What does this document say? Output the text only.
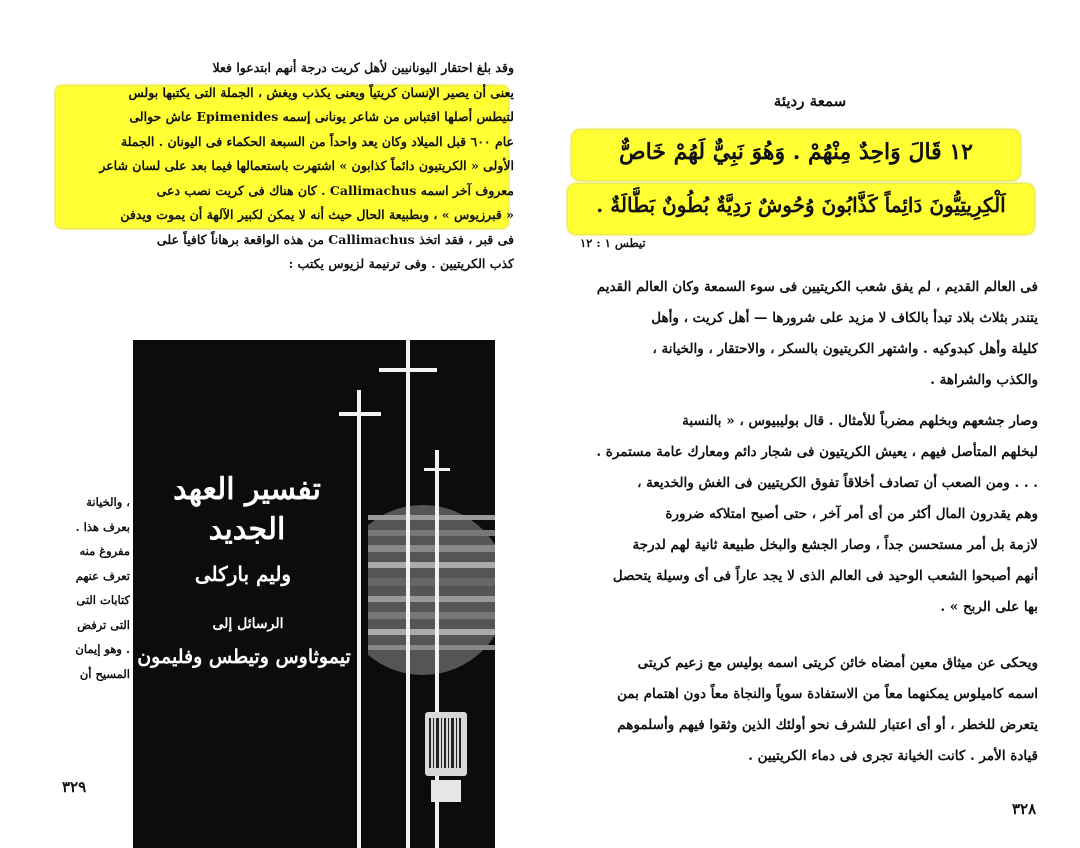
وقد بلغ احتقار اليونانيين لأهل كريت درجة أنهم ابتدعوا فعلا
يعنى أن يصير الإنسان كريتياً ويعنى يكذب ويغش ، الجملة التى يكتبها بولس
لتيطس أصلها اقتباس من شاعر يونانى إسمه Epimenides عاش حوالى
عام ٦٠٠ قبل الميلاد وكان يعد واحداً من السبعة الحكماء فى اليونان . الجملة
الأولى « الكريتيون دائماً كذابون » اشتهرت باستعمالها فيما بعد على لسان شاعر
معروف آخر اسمه Callimachus . كان هناك فى كريت نصب دعى
« قبرزيوس » ، وبطبيعة الحال حيث أنه لا يمكن لكبير الآلهة أن يموت ويدفن
فى قبر ، فقد اتخذ Callimachus من هذه الواقعة برهاناً كافياً على
كذب الكريتيين . وفى ترنيمة لزيوس يكتب :
، والخيانة
بعرف هذا .
مفروغ منه
تعرف عنهم
كتابات التى
التى ترفض
. وهو إيمان
المسيح أن
٣٢٩
تفسير العهد الجديد
وليم باركلى
الرسائل إلى
تيموثاوس وتيطس وفليمون
سمعة رديئة
١٢ قَالَ وَاحِدٌ مِنْهُمْ . وَهُوَ نَبِيٌّ لَهُمْ خَاصٌّ
اَلْكِرِيتِيُّونَ دَائِماً كَذَّابُونَ وُحُوشٌ رَدِيَّةٌ بُطُونٌ بَطَّالَةٌ .
تيطس ١ : ١٢
فى العالم القديم ، لم يفق شعب الكريتيين فى سوء السمعة وكان العالم القديم
يتندر بثلاث بلاد تبدأ بالكاف لا مزيد على شرورها — أهل كريت ، وأهل
كليلة وأهل كبدوكيه . واشتهر الكريتيون بالسكر ، والاحتقار ، والخيانة ،
والكذب والشراهة .
وصار جشعهم وبخلهم مضرباً للأمثال . قال بوليبيوس ، « بالنسبة
لبخلهم المتأصل فيهم ، يعيش الكريتيون فى شجار دائم ومعارك عامة مستمرة .
. . . ومن الصعب أن تصادف أخلاقاً تفوق الكريتيين فى الغش والخديعة ،
وهم يقدرون المال أكثر من أى أمر آخر ، حتى أصبح امتلاكه ضرورة
لازمة بل أمر مستحسن جداً ، وصار الجشع والبخل طبيعة ثانية لهم لدرجة
أنهم أصبحوا الشعب الوحيد فى العالم الذى لا يجد عاراً فى أى وسيلة يتحصل
بها على الربح » .
ويحكى عن ميثاق معين أمضاه خائن كريتى اسمه بوليس مع زعيم كريتى
اسمه كاميلوس يمكنهما معاً من الاستفادة سوياً والنجاة معاً دون اهتمام بمن
يتعرض للخطر ، أو أى اعتبار للشرف نحو أولئك الذين وثقوا فيهم وأسلموهم
قيادة الأمر . كانت الخيانة تجرى فى دماء الكريتيين .
٣٢٨
